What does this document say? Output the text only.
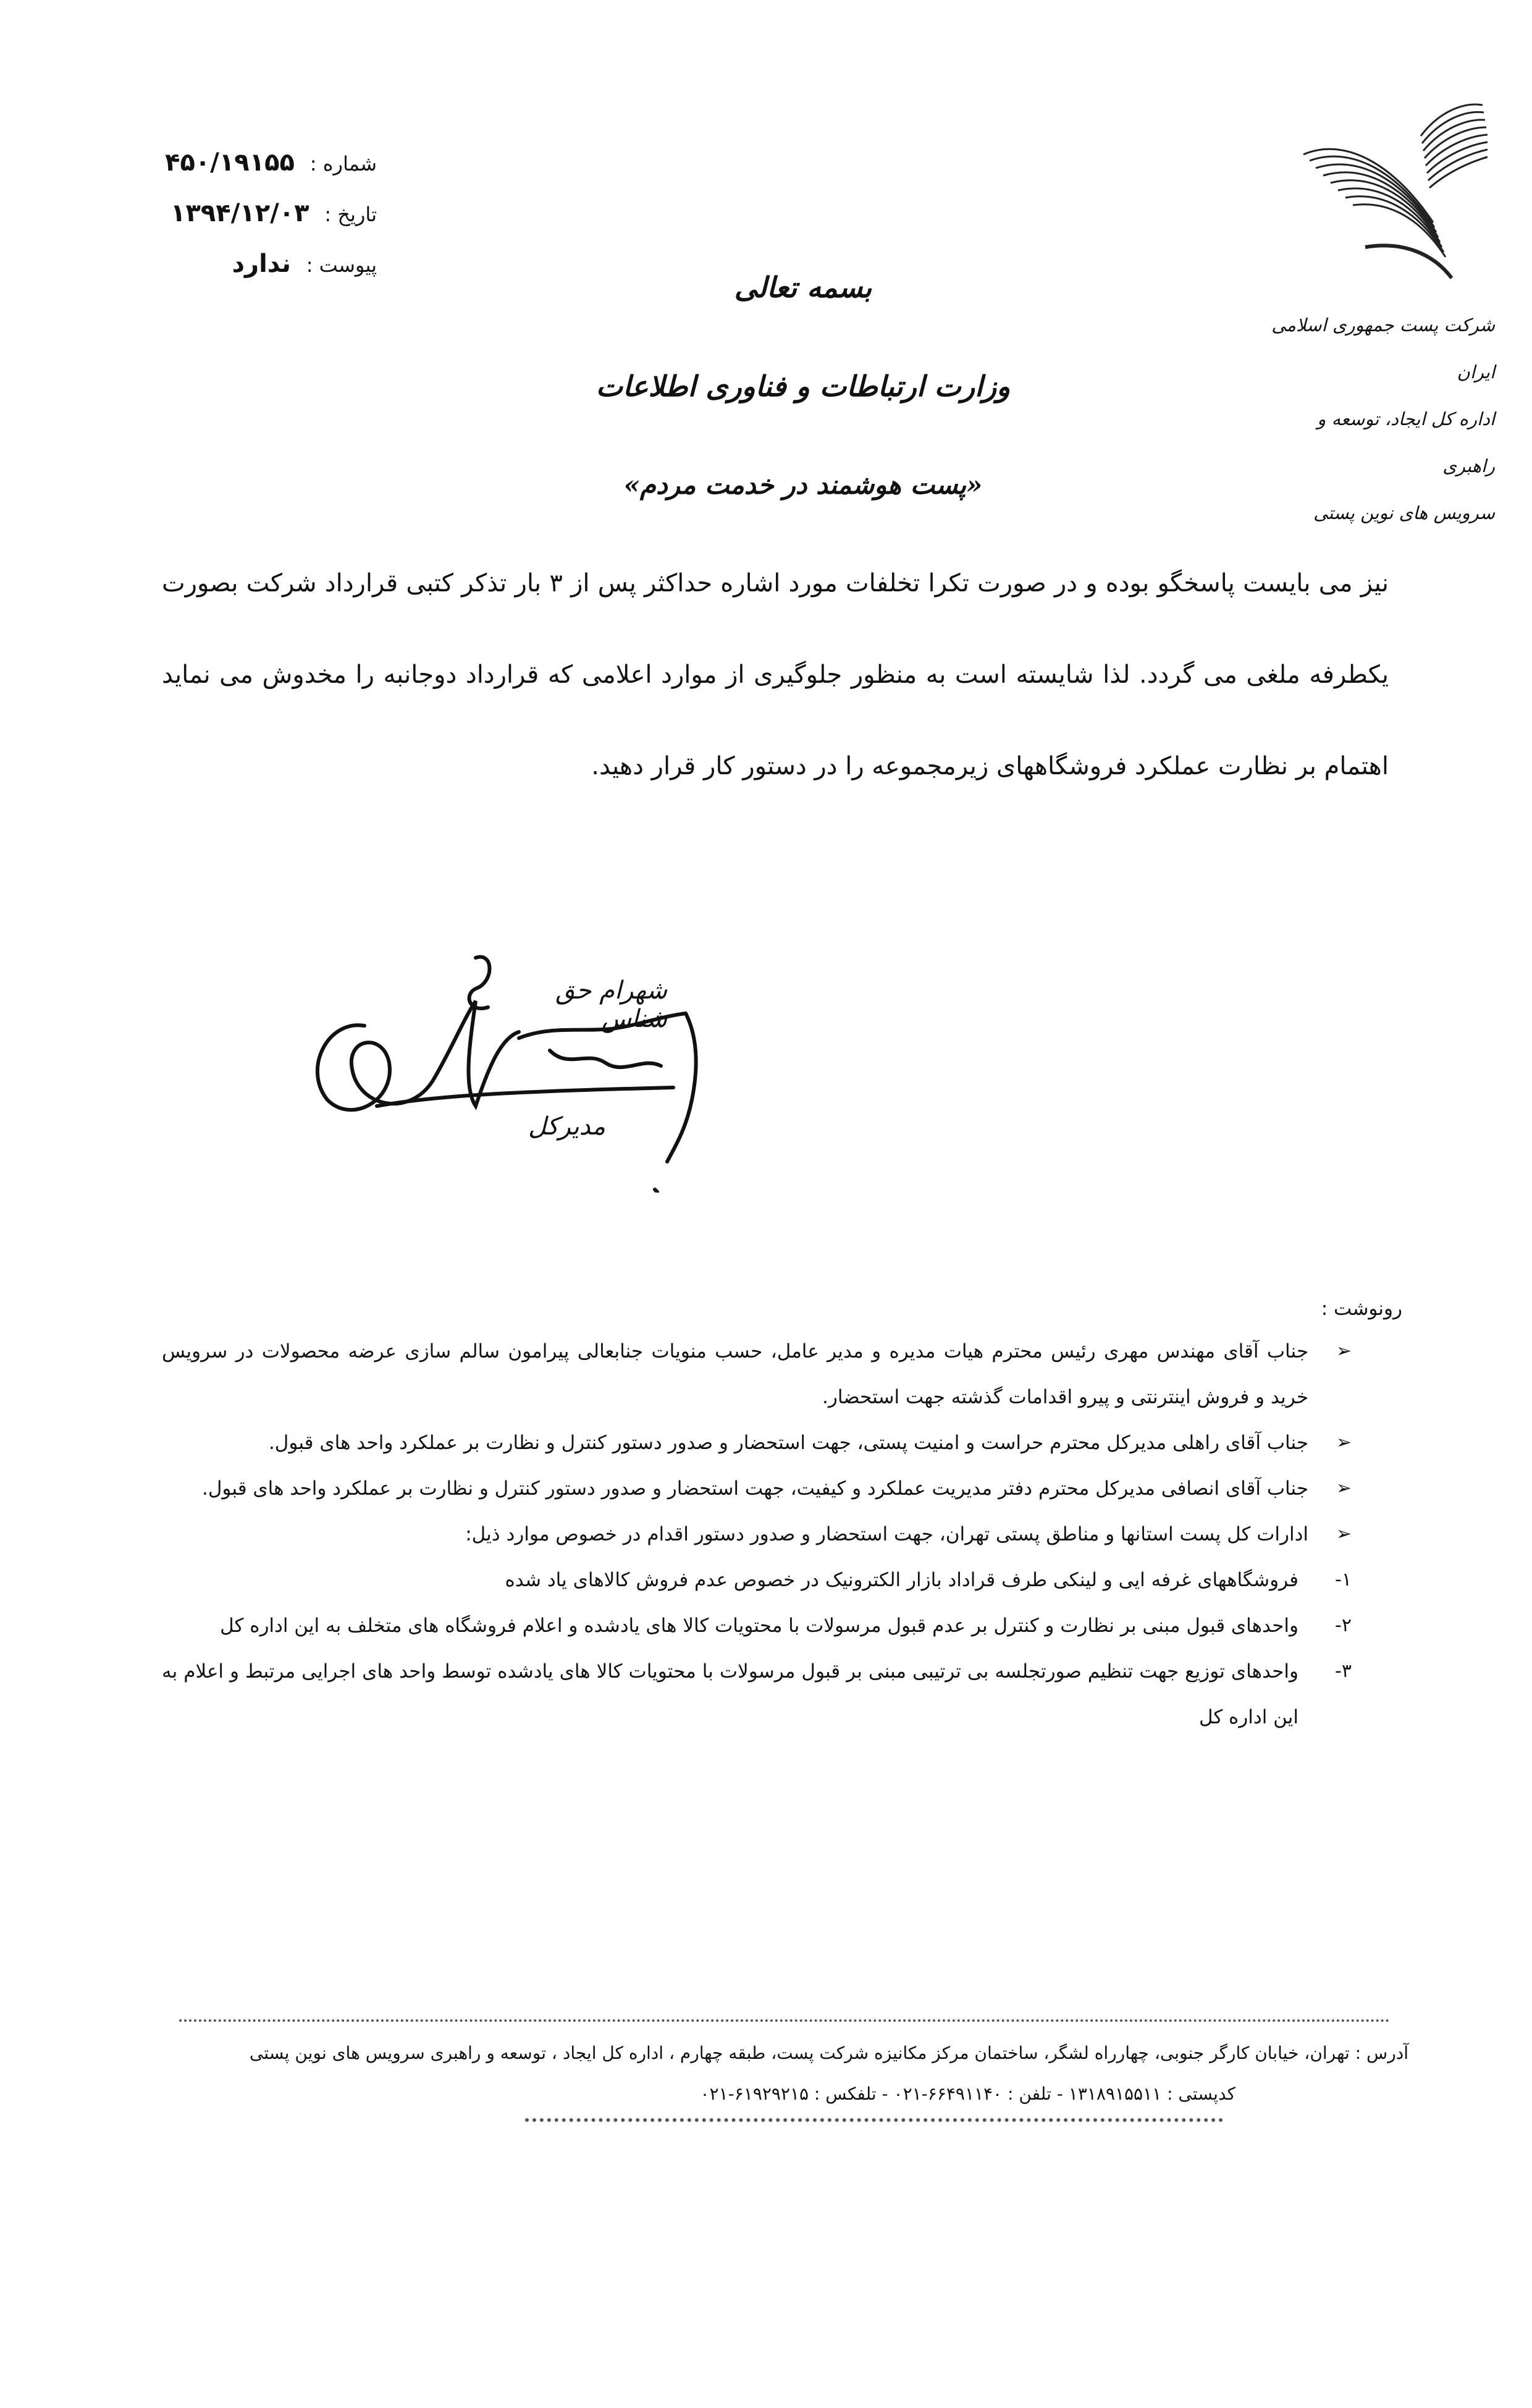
شماره : ۴۵۰/۱۹۱۵۵
تاریخ : ۱۳۹۴/۱۲/۰۳
پیوست : ندارد
شرکت پست جمهوری اسلامی ایران
اداره کل ایجاد، توسعه و راهبری
سرویس های نوین پستی
بسمه تعالی
وزارت ارتباطات و فناوری اطلاعات
«پست هوشمند در خدمت مردم»
نیز می بایست پاسخگو بوده و در صورت تکرا تخلفات مورد اشاره حداکثر پس از ۳ بار تذکر کتبی قرارداد شرکت بصورت یکطرفه ملغی می گردد. لذا شایسته است به منظور جلوگیری از موارد اعلامی که قرارداد دوجانبه را مخدوش می نماید اهتمام بر نظارت عملکرد فروشگاههای زیرمجموعه را در دستور کار قرار دهید.
شهرام حق شناس
مدیرکل
رونوشت :
➢
جناب آقای مهندس مهری رئیس محترم هیات مدیره و مدیر عامل، حسب منویات جنابعالی پیرامون سالم سازی عرضه محصولات در سرویس خرید و فروش اینترنتی و پیرو اقدامات گذشته جهت استحضار.
➢
جناب آقای راهلی مدیرکل محترم حراست و امنیت پستی، جهت استحضار و صدور دستور کنترل و نظارت بر عملکرد واحد های قبول.
➢
جناب آقای انصافی مدیرکل محترم دفتر مدیریت عملکرد و کیفیت، جهت استحضار و صدور دستور کنترل و نظارت بر عملکرد واحد های قبول.
➢
ادارات کل پست استانها و مناطق پستی تهران، جهت استحضار و صدور دستور اقدام در خصوص موارد ذیل:
۱-
فروشگاههای غرفه ایی و لینکی طرف قراداد بازار الکترونیک در خصوص عدم فروش کالاهای یاد شده
۲-
واحدهای قبول مبنی بر نظارت و کنترل بر عدم قبول مرسولات با محتویات کالا های یادشده و اعلام فروشگاه های متخلف به این اداره کل
۳-
واحدهای توزیع جهت تنظیم صورتجلسه بی ترتیبی مبنی بر قبول مرسولات با محتویات کالا های یادشده توسط واحد های اجرایی مرتبط و اعلام به این اداره کل
آدرس : تهران، خیابان کارگر جنوبی، چهارراه لشگر، ساختمان مرکز مکانیزه شرکت پست، طبقه چهارم ، اداره کل ایجاد ، توسعه و راهبری سرویس های نوین پستی
کدپستی : ۱۳۱۸۹۱۵۵۱۱ - تلفن : ۶۶۴۹۱۱۴۰-۰۲۱ - تلفکس : ۶۱۹۲۹۲۱۵-۰۲۱
